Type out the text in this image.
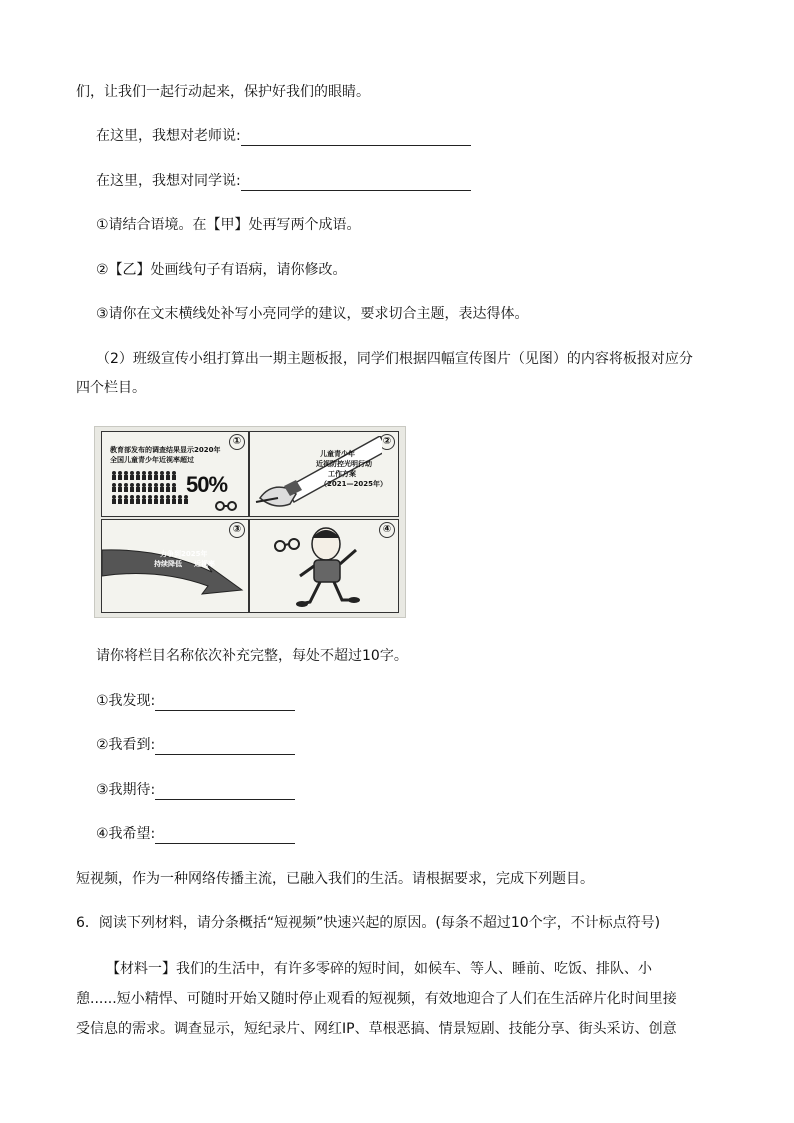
们，让我们一起行动起来，保护好我们的眼睛。
在这里，我想对老师说:
在这里，我想对同学说:
①请结合语境。在【甲】处再写两个成语。
②【乙】处画线句子有语病，请你修改。
③请你在文末横线处补写小亮同学的建议，要求切合主题，表达得体。
（2）班级宣传小组打算出一期主题板报，同学们根据四幅宣传图片（见图）的内容将板报对应分
四个栏目。
①
教育部发布的调查结果显示2020年
全国儿童青少年近视率超过
50%
②
儿童青少年
近视防控光明行动
工作方案
（2021—2025年）
③
力争到2025年
持续降低 近视率
④
请你将栏目名称依次补充完整，每处不超过10字。
①我发现:
②我看到:
③我期待:
④我希望:
短视频，作为一种网络传播主流，已融入我们的生活。请根据要求，完成下列题目。
6．阅读下列材料，请分条概括“短视频”快速兴起的原因。(每条不超过10个字，不计标点符号)
【材料一】我们的生活中，有许多零碎的短时间，如候车、等人、睡前、吃饭、排队、小
憩......短小精悍、可随时开始又随时停止观看的短视频，有效地迎合了人们在生活碎片化时间里接
受信息的需求。调查显示，短纪录片、网红IP、草根恶搞、情景短剧、技能分享、街头采访、创意
